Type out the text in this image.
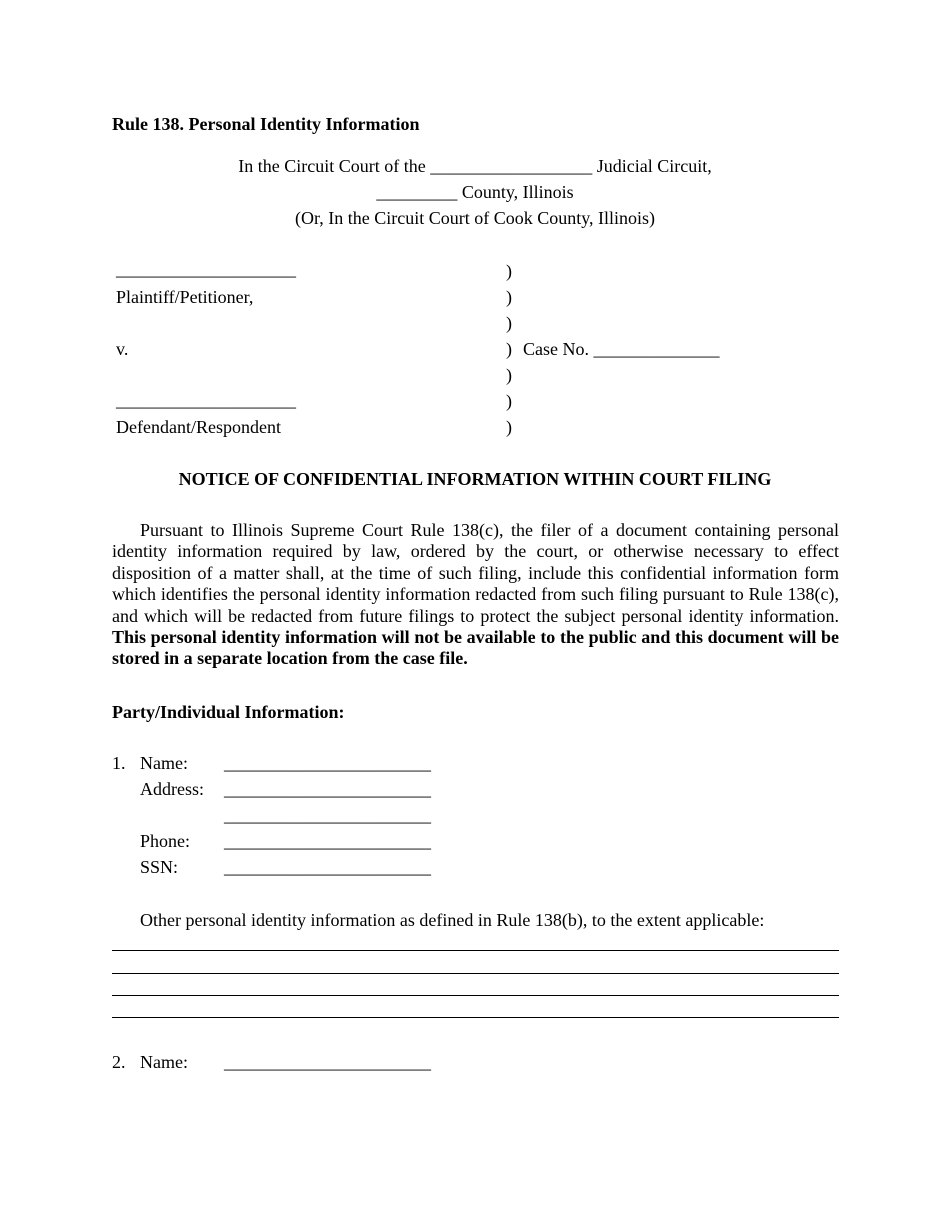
Rule 138. Personal Identity Information
In the Circuit Court of the __________________ Judicial Circuit,
_________ County, Illinois
(Or, In the Circuit Court of Cook County, Illinois)
____________________
Plaintiff/Petitioner,
v.
____________________
Defendant/Respondent
)
)
)
)
)
)
)
Case No. ______________
NOTICE OF CONFIDENTIAL INFORMATION WITHIN COURT FILING
Pursuant to Illinois Supreme Court Rule 138(c), the filer of a document containing personal identity information required by law, ordered by the court, or otherwise necessary to effect disposition of a matter shall, at the time of such filing, include this confidential information form which identifies the personal identity information redacted from such filing pursuant to Rule 138(c), and which will be redacted from future filings to protect the subject personal identity information. This personal identity information will not be available to the public and this document will be stored in a separate location from the case file.
Party/Individual Information:
1. Name: _______________________
Address: _______________________
_______________________
Phone: _______________________
SSN:	_______________________
Other personal identity information as defined in Rule 138(b), to the extent applicable:
2. Name: _______________________
